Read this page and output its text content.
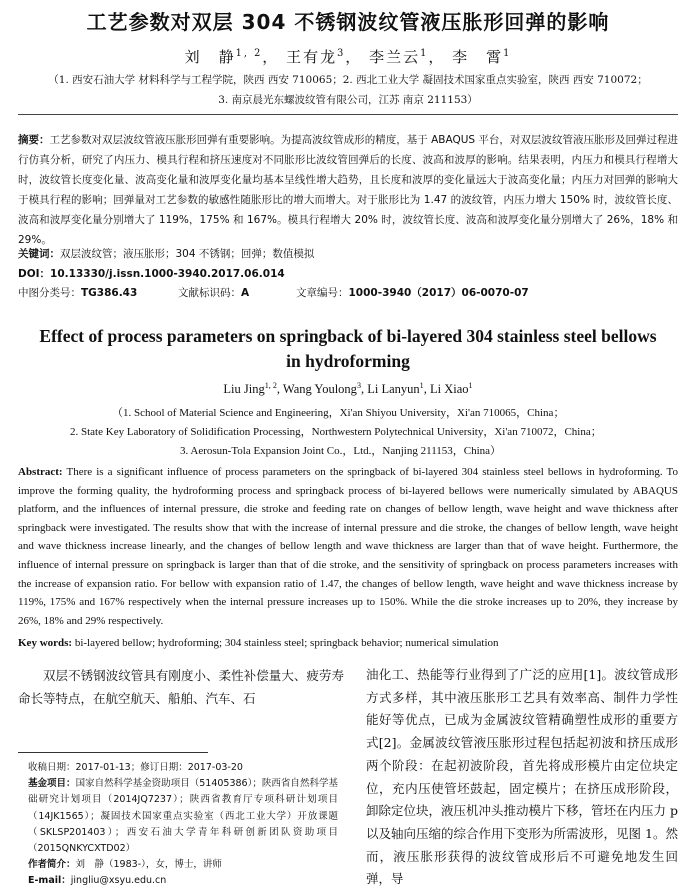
工艺参数对双层 304 不锈钢波纹管液压胀形回弹的影响
刘　静$^{1, 2}$， 王有龙$^3$， 李兰云$^1$， 李　霄$^1$
（1. 西安石油大学 材料科学与工程学院，陕西 西安 710065；2. 西北工业大学 凝固技术国家重点实验室，陕西 西安 710072；
3. 南京晨光东螺波纹管有限公司，江苏 南京 211153）
摘要：工艺参数对双层波纹管液压胀形回弹有重要影响。为提高波纹管成形的精度，基于 ABAQUS 平台，对双层波纹管液压胀形及回弹过程进行仿真分析，研究了内压力、模具行程和挤压速度对不同胀形比波纹管回弹后的长度、波高和波厚的影响。结果表明，内压力和模具行程增大时，波纹管长度变化量、波高变化量和波厚变化量均基本呈线性增大趋势，且长度和波厚的变化量远大于波高变化量；内压力对回弹的影响大于模具行程的影响；回弹量对工艺参数的敏感性随胀形比的增大而增大。对于胀形比为 1.47 的波纹管，内压力增大 150% 时，波纹管长度、波高和波厚变化量分别增大了 119%，175% 和 167%。模具行程增大 20% 时，波纹管长度、波高和波厚变化量分别增大了 26%，18% 和 29%。
关键词：双层波纹管；液压胀形；304 不锈钢；回弹；数值模拟
DOI：10.13330/j.issn.1000-3940.2017.06.014
中图分类号：TG386.43	文献标识码：A	文章编号：1000-3940（2017）06-0070-07
Effect of process parameters on springback of bi-layered 304 stainless steel bellows in hydroforming
Liu Jing$^{1, 2}$, Wang Youlong$^3$, Li Lanyun$^1$, Li Xiao$^1$
（1. School of Material Science and Engineering，Xi'an Shiyou University，Xi'an 710065，China；
2. State Key Laboratory of Solidification Processing，Northwestern Polytechnical University，Xi'an 710072，China；
3. Aerosun-Tola Expansion Joint Co.，Ltd.，Nanjing 211153，China）
Abstract: There is a significant influence of process parameters on the springback of bi-layered 304 stainless steel bellows in hydroforming. To improve the forming quality, the hydroforming process and springback process of bi-layered bellows were numerically simulated by ABAQUS platform, and the influences of internal pressure, die stroke and feeding rate on changes of bellow length, wave height and wave thickness after springback were investigated. The results show that with the increase of internal pressure and die stroke, the changes of bellow length, wave height and wave thickness increase linearly, and the changes of bellow length and wave thickness are larger than that of wave height. Furthermore, the influence of internal pressure on springback is larger than that of die stroke, and the sensitivity of springback on process parameters increases with the increase of expansion ratio. For bellow with expansion ratio of 1.47, the changes of bellow length, wave height and wave thickness increase by 119%, 175% and 167% respectively when the internal pressure increases up to 150%. While the die stroke increases up to 20%, they increase by 26%, 18% and 29% respectively.
Key words: bi-layered bellow; hydroforming; 304 stainless steel; springback behavior; numerical simulation
双层不锈钢波纹管具有刚度小、柔性补偿量大、疲劳寿命长等特点，在航空航天、船舶、汽车、石
收稿日期：2017-01-13；修订日期：2017-03-20
基金项目：国家自然科学基金资助项目（51405386）；陕西省自然科学基础研究计划项目（2014JQ7237）；陕西省教育厅专项科研计划项目（14JK1565）；凝固技术国家重点实验室（西北工业大学）开放课题（SKLSP201403）；西安石油大学青年科研创新团队资助项目（2015QNKYCXTD02）
作者简介：刘　静（1983-），女，博士，讲师
E-mail：jingliu@xsyu.edu.cn
油化工、热能等行业得到了广泛的应用[1]。波纹管成形方式多样，其中液压胀形工艺具有效率高、制件力学性能好等优点，已成为金属波纹管精确塑性成形的重要方式[2]。金属波纹管液压胀形过程包括起初波和挤压成形两个阶段：在起初波阶段，首先将成形模片由定位块定位，充内压使管坯鼓起，固定模片；在挤压成形阶段，卸除定位块，液压机冲头推动模片下移，管坯在内压力 p 以及轴向压缩的综合作用下变形为所需波形，见图 1。然而，液压胀形获得的波纹管成形后不可避免地发生回弹，导
